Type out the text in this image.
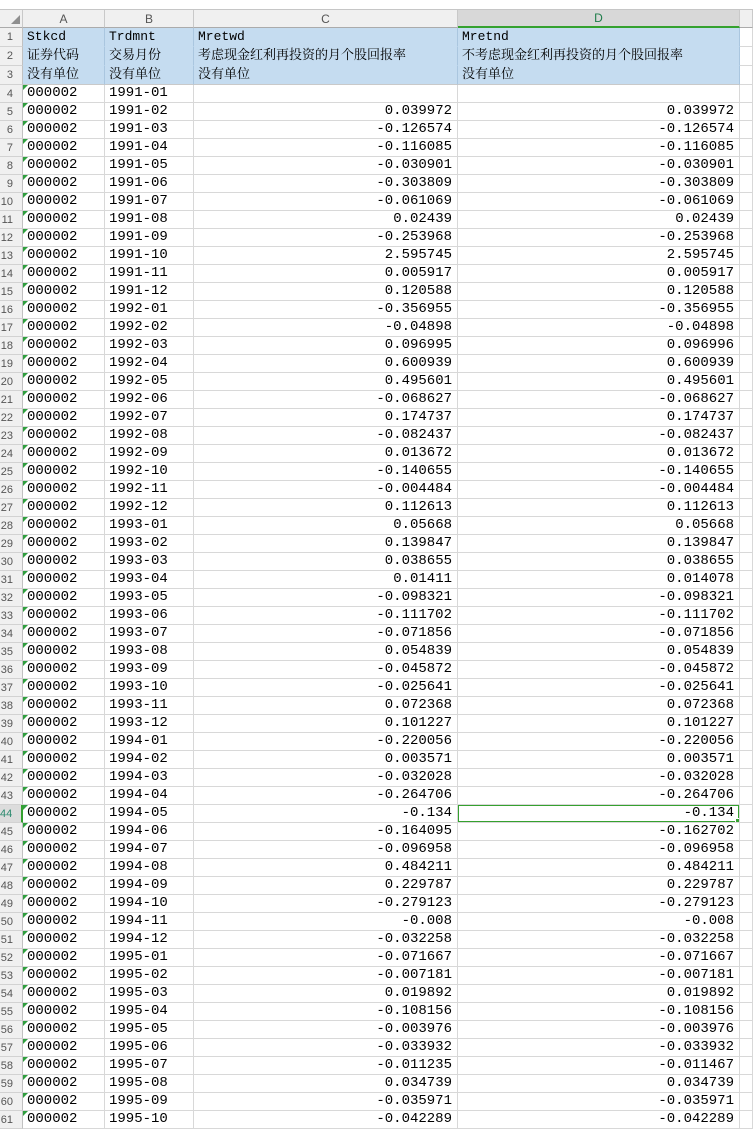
A	B	C	D
1	Stkcd	Trdmnt	Mretwd	Mretnd
2	证券代码	交易月份	考虑现金红利再投资的月个股回报率	不考虑现金红利再投资的月个股回报率
3	没有单位	没有单位	没有单位	没有单位
4	000002	1991-01
5	000002	1991-02	0.039972	0.039972
6	000002	1991-03	-0.126574	-0.126574
7	000002	1991-04	-0.116085	-0.116085
8	000002	1991-05	-0.030901	-0.030901
9	000002	1991-06	-0.303809	-0.303809
10	000002	1991-07	-0.061069	-0.061069
11	000002	1991-08	0.02439	0.02439
12	000002	1991-09	-0.253968	-0.253968
13	000002	1991-10	2.595745	2.595745
14	000002	1991-11	0.005917	0.005917
15	000002	1991-12	0.120588	0.120588
16	000002	1992-01	-0.356955	-0.356955
17	000002	1992-02	-0.04898	-0.04898
18	000002	1992-03	0.096995	0.096996
19	000002	1992-04	0.600939	0.600939
20	000002	1992-05	0.495601	0.495601
21	000002	1992-06	-0.068627	-0.068627
22	000002	1992-07	0.174737	0.174737
23	000002	1992-08	-0.082437	-0.082437
24	000002	1992-09	0.013672	0.013672
25	000002	1992-10	-0.140655	-0.140655
26	000002	1992-11	-0.004484	-0.004484
27	000002	1992-12	0.112613	0.112613
28	000002	1993-01	0.05668	0.05668
29	000002	1993-02	0.139847	0.139847
30	000002	1993-03	0.038655	0.038655
31	000002	1993-04	0.01411	0.014078
32	000002	1993-05	-0.098321	-0.098321
33	000002	1993-06	-0.111702	-0.111702
34	000002	1993-07	-0.071856	-0.071856
35	000002	1993-08	0.054839	0.054839
36	000002	1993-09	-0.045872	-0.045872
37	000002	1993-10	-0.025641	-0.025641
38	000002	1993-11	0.072368	0.072368
39	000002	1993-12	0.101227	0.101227
40	000002	1994-01	-0.220056	-0.220056
41	000002	1994-02	0.003571	0.003571
42	000002	1994-03	-0.032028	-0.032028
43	000002	1994-04	-0.264706	-0.264706
44	000002	1994-05	-0.134	-0.134
45	000002	1994-06	-0.164095	-0.162702
46	000002	1994-07	-0.096958	-0.096958
47	000002	1994-08	0.484211	0.484211
48	000002	1994-09	0.229787	0.229787
49	000002	1994-10	-0.279123	-0.279123
50	000002	1994-11	-0.008	-0.008
51	000002	1994-12	-0.032258	-0.032258
52	000002	1995-01	-0.071667	-0.071667
53	000002	1995-02	-0.007181	-0.007181
54	000002	1995-03	0.019892	0.019892
55	000002	1995-04	-0.108156	-0.108156
56	000002	1995-05	-0.003976	-0.003976
57	000002	1995-06	-0.033932	-0.033932
58	000002	1995-07	-0.011235	-0.011467
59	000002	1995-08	0.034739	0.034739
60	000002	1995-09	-0.035971	-0.035971
61	000002	1995-10	-0.042289	-0.042289
